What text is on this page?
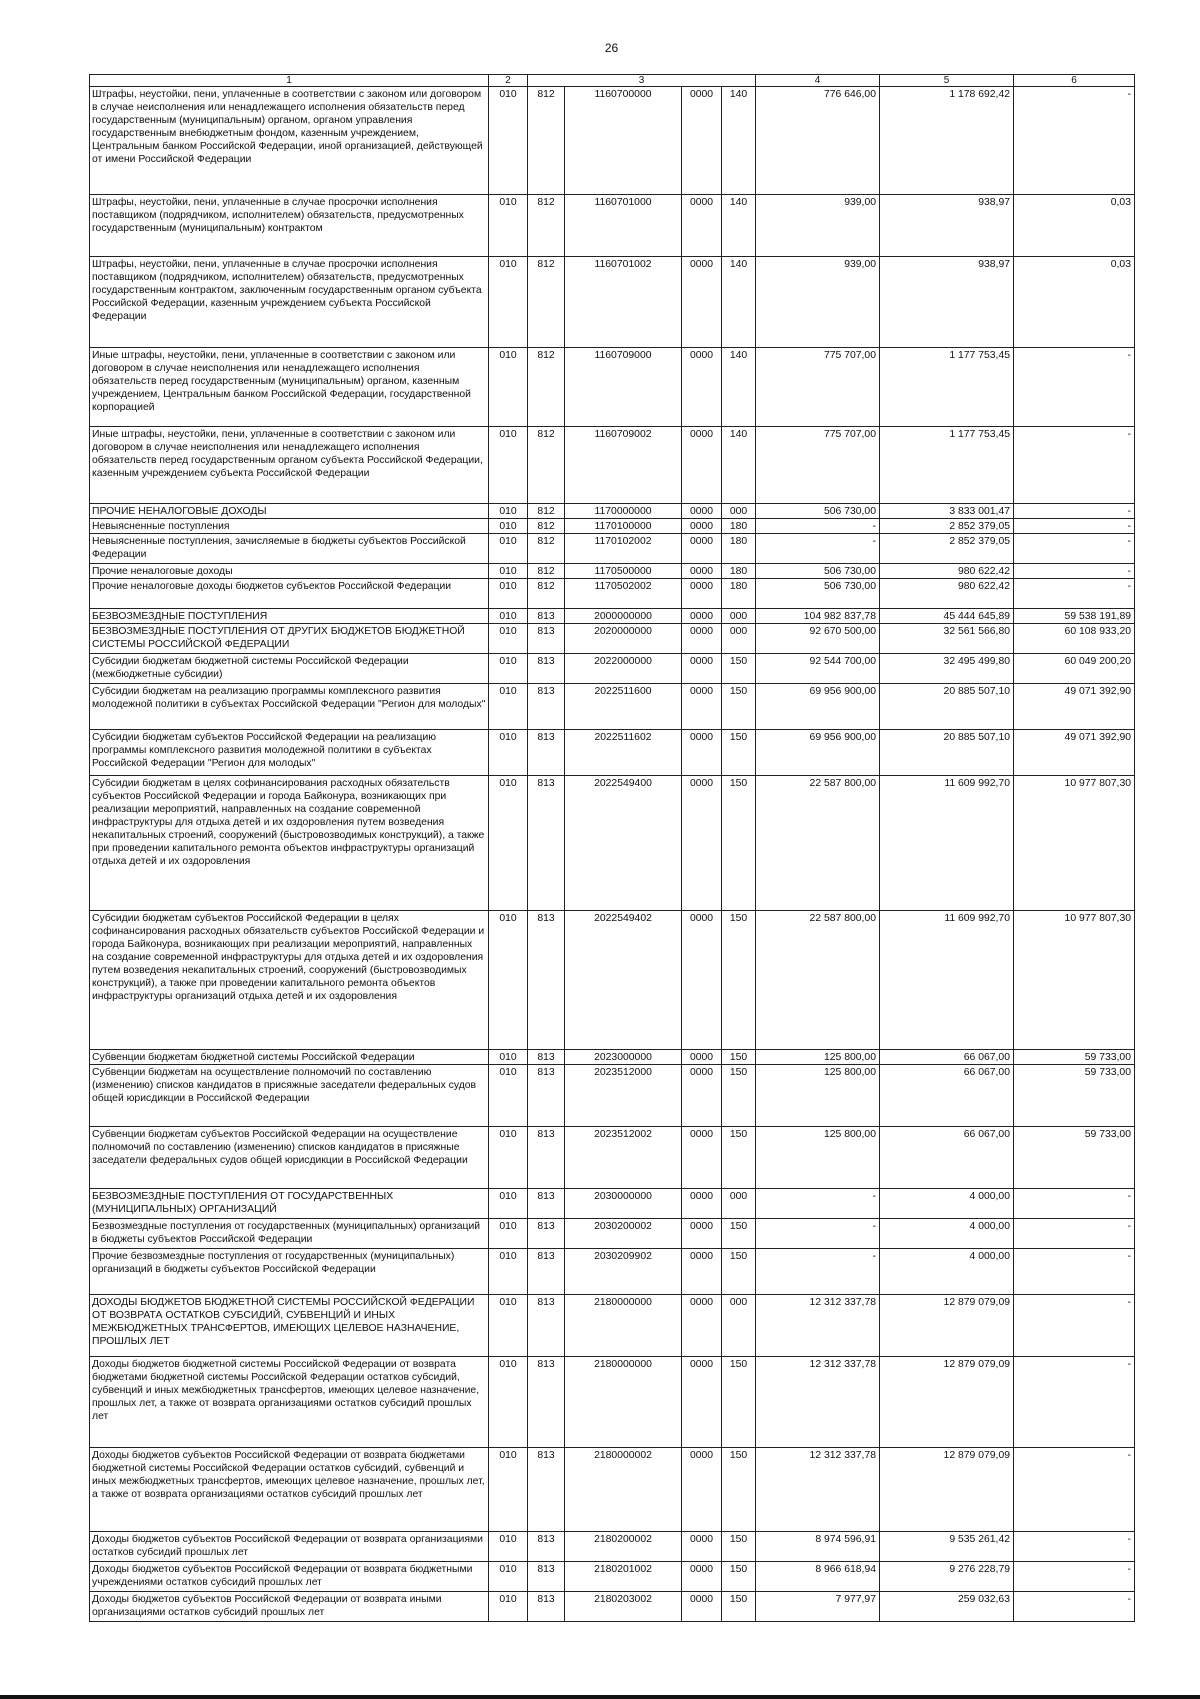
26
1	2	3				4	5	6
Штрафы, неустойки, пени, уплаченные в соответствии с законом или договором в случае неисполнения или ненадлежащего исполнения обязательств перед государственным (муниципальным) органом, органом управления государственным внебюджетным фондом, казенным учреждением, Центральным банком Российской Федерации, иной организацией, действующей от имени Российской Федерации	010	812	1160700000	0000	140	776 646,00	1 178 692,42	-
Штрафы, неустойки, пени, уплаченные в случае просрочки исполнения поставщиком (подрядчиком, исполнителем) обязательств, предусмотренных государственным (муниципальным) контрактом	010	812	1160701000	0000	140	939,00	938,97	0,03
Штрафы, неустойки, пени, уплаченные в случае просрочки исполнения поставщиком (подрядчиком, исполнителем) обязательств, предусмотренных государственным контрактом, заключенным государственным органом субъекта Российской Федерации, казенным учреждением субъекта Российской Федерации	010	812	1160701002	0000	140	939,00	938,97	0,03
Иные штрафы, неустойки, пени, уплаченные в соответствии с законом или договором в случае неисполнения или ненадлежащего исполнения обязательств перед государственным (муниципальным) органом, казенным учреждением, Центральным банком Российской Федерации, государственной корпорацией	010	812	1160709000	0000	140	775 707,00	1 177 753,45	-
Иные штрафы, неустойки, пени, уплаченные в соответствии с законом или договором в случае неисполнения или ненадлежащего исполнения обязательств перед государственным органом субъекта Российской Федерации, казенным учреждением субъекта Российской Федерации	010	812	1160709002	0000	140	775 707,00	1 177 753,45	-
ПРОЧИЕ НЕНАЛОГОВЫЕ ДОХОДЫ	010	812	1170000000	0000	000	506 730,00	3 833 001,47	-
Невыясненные поступления	010	812	1170100000	0000	180	-	2 852 379,05	-
Невыясненные поступления, зачисляемые в бюджеты субъектов Российской Федерации	010	812	1170102002	0000	180	-	2 852 379,05	-
Прочие неналоговые доходы	010	812	1170500000	0000	180	506 730,00	980 622,42	-
Прочие неналоговые доходы бюджетов субъектов Российской Федерации	010	812	1170502002	0000	180	506 730,00	980 622,42	-
БЕЗВОЗМЕЗДНЫЕ ПОСТУПЛЕНИЯ	010	813	2000000000	0000	000	104 982 837,78	45 444 645,89	59 538 191,89
БЕЗВОЗМЕЗДНЫЕ ПОСТУПЛЕНИЯ ОТ ДРУГИХ БЮДЖЕТОВ БЮДЖЕТНОЙ СИСТЕМЫ РОССИЙСКОЙ ФЕДЕРАЦИИ	010	813	2020000000	0000	000	92 670 500,00	32 561 566,80	60 108 933,20
Субсидии бюджетам бюджетной системы Российской Федерации (межбюджетные субсидии)	010	813	2022000000	0000	150	92 544 700,00	32 495 499,80	60 049 200,20
Субсидии бюджетам на реализацию программы комплексного развития молодежной политики в субъектах Российской Федерации "Регион для молодых"	010	813	2022511600	0000	150	69 956 900,00	20 885 507,10	49 071 392,90
Субсидии бюджетам субъектов Российской Федерации на реализацию программы комплексного развития молодежной политики в субъектах Российской Федерации "Регион для молодых"	010	813	2022511602	0000	150	69 956 900,00	20 885 507,10	49 071 392,90
Субсидии бюджетам в целях софинансирования расходных обязательств субъектов Российской Федерации и города Байконура, возникающих при реализации мероприятий, направленных на создание современной инфраструктуры для отдыха детей и их оздоровления путем возведения некапитальных строений, сооружений (быстровозводимых конструкций), а также при проведении капитального ремонта объектов инфраструктуры организаций отдыха детей и их оздоровления	010	813	2022549400	0000	150	22 587 800,00	11 609 992,70	10 977 807,30
Субсидии бюджетам субъектов Российской Федерации в целях софинансирования расходных обязательств субъектов Российской Федерации и города Байконура, возникающих при реализации мероприятий, направленных на создание современной инфраструктуры для отдыха детей и их оздоровления путем возведения некапитальных строений, сооружений (быстровозводимых конструкций), а также при проведении капитального ремонта объектов инфраструктуры организаций отдыха детей и их оздоровления	010	813	2022549402	0000	150	22 587 800,00	11 609 992,70	10 977 807,30
Субвенции бюджетам бюджетной системы Российской Федерации	010	813	2023000000	0000	150	125 800,00	66 067,00	59 733,00
Субвенции бюджетам на осуществление полномочий по составлению (изменению) списков кандидатов в присяжные заседатели федеральных судов общей юрисдикции в Российской Федерации	010	813	2023512000	0000	150	125 800,00	66 067,00	59 733,00
Субвенции бюджетам субъектов Российской Федерации на осуществление полномочий по составлению (изменению) списков кандидатов в присяжные заседатели федеральных судов общей юрисдикции в Российской Федерации	010	813	2023512002	0000	150	125 800,00	66 067,00	59 733,00
БЕЗВОЗМЕЗДНЫЕ ПОСТУПЛЕНИЯ ОТ ГОСУДАРСТВЕННЫХ (МУНИЦИПАЛЬНЫХ) ОРГАНИЗАЦИЙ	010	813	2030000000	0000	000	-	4 000,00	-
Безвозмездные поступления от государственных (муниципальных) организаций в бюджеты субъектов Российской Федерации	010	813	2030200002	0000	150	-	4 000,00	-
Прочие безвозмездные поступления от государственных (муниципальных) организаций в бюджеты субъектов Российской Федерации	010	813	2030209902	0000	150	-	4 000,00	-
ДОХОДЫ БЮДЖЕТОВ БЮДЖЕТНОЙ СИСТЕМЫ РОССИЙСКОЙ ФЕДЕРАЦИИ ОТ ВОЗВРАТА ОСТАТКОВ СУБСИДИЙ, СУБВЕНЦИЙ И ИНЫХ МЕЖБЮДЖЕТНЫХ ТРАНСФЕРТОВ, ИМЕЮЩИХ ЦЕЛЕВОЕ НАЗНАЧЕНИЕ, ПРОШЛЫХ ЛЕТ	010	813	2180000000	0000	000	12 312 337,78	12 879 079,09	-
Доходы бюджетов бюджетной системы Российской Федерации от возврата бюджетами бюджетной системы Российской Федерации остатков субсидий, субвенций и иных межбюджетных трансфертов, имеющих целевое назначение, прошлых лет, а также от возврата организациями остатков субсидий прошлых лет	010	813	2180000000	0000	150	12 312 337,78	12 879 079,09	-
Доходы бюджетов субъектов Российской Федерации от возврата бюджетами бюджетной системы Российской Федерации остатков субсидий, субвенций и иных межбюджетных трансфертов, имеющих целевое назначение, прошлых лет, а также от возврата организациями остатков субсидий прошлых лет	010	813	2180000002	0000	150	12 312 337,78	12 879 079,09	-
Доходы бюджетов субъектов Российской Федерации от возврата организациями остатков субсидий прошлых лет	010	813	2180200002	0000	150	8 974 596,91	9 535 261,42	-
Доходы бюджетов субъектов Российской Федерации от возврата бюджетными учреждениями остатков субсидий прошлых лет	010	813	2180201002	0000	150	8 966 618,94	9 276 228,79	-
Доходы бюджетов субъектов Российской Федерации от возврата иными организациями остатков субсидий прошлых лет	010	813	2180203002	0000	150	7 977,97	259 032,63	-
